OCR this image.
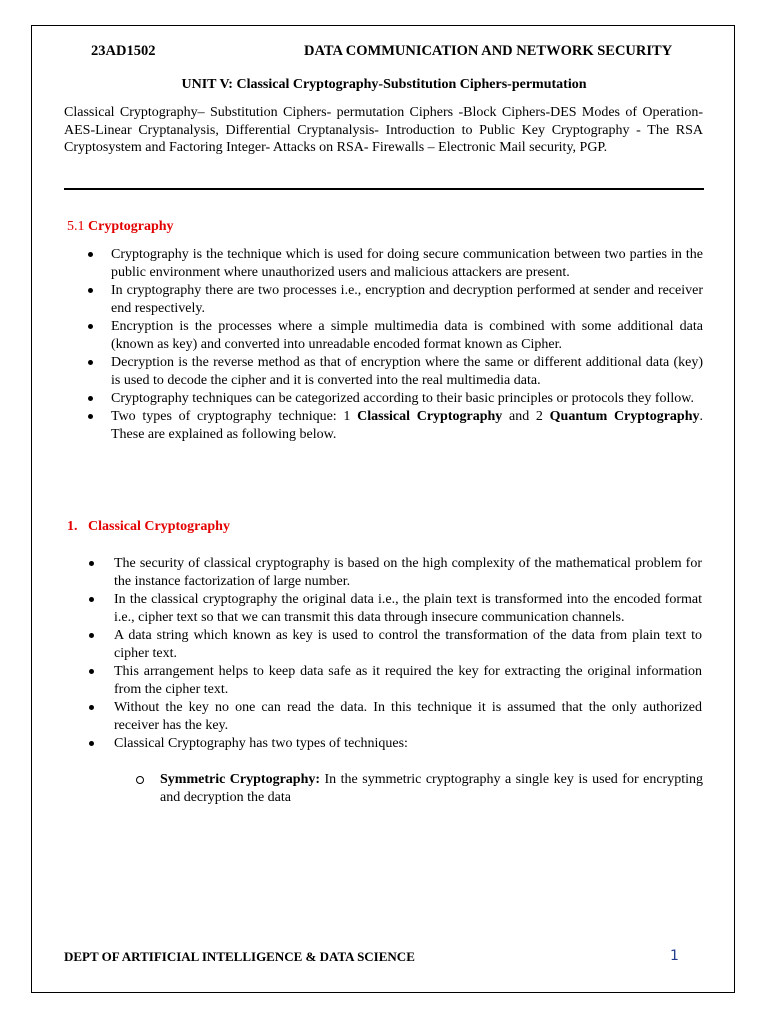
23AD1502	DATA COMMUNICATION AND NETWORK SECURITY
UNIT V: Classical Cryptography-Substitution Ciphers-permutation
Classical Cryptography– Substitution Ciphers- permutation Ciphers -Block Ciphers-DES Modes of Operation- AES-Linear Cryptanalysis, Differential Cryptanalysis- Introduction to Public Key Cryptography - The RSA Cryptosystem and Factoring Integer- Attacks on RSA- Firewalls – Electronic Mail security, PGP.
5.1 Cryptography
Cryptography is the technique which is used for doing secure communication between two parties in the public environment where unauthorized users and malicious attackers are present.
In cryptography there are two processes i.e., encryption and decryption performed at sender and receiver end respectively.
Encryption is the processes where a simple multimedia data is combined with some additional data (known as key) and converted into unreadable encoded format known as Cipher.
Decryption is the reverse method as that of encryption where the same or different additional data (key) is used to decode the cipher and it is converted into the real multimedia data.
Cryptography techniques can be categorized according to their basic principles or protocols they follow.
Two types of cryptography technique: 1 Classical Cryptography and 2 Quantum Cryptography. These are explained as following below.
1. Classical Cryptography
The security of classical cryptography is based on the high complexity of the mathematical problem for the instance factorization of large number.
In the classical cryptography the original data i.e., the plain text is transformed into the encoded format i.e., cipher text so that we can transmit this data through insecure communication channels.
A data string which known as key is used to control the transformation of the data from plain text to cipher text.
This arrangement helps to keep data safe as it required the key for extracting the original information from the cipher text.
Without the key no one can read the data. In this technique it is assumed that the only authorized receiver has the key.
Classical Cryptography has two types of techniques:
Symmetric Cryptography: In the symmetric cryptography a single key is used for encrypting and decryption the data
DEPT OF ARTIFICIAL INTELLIGENCE & DATA SCIENCE	1
